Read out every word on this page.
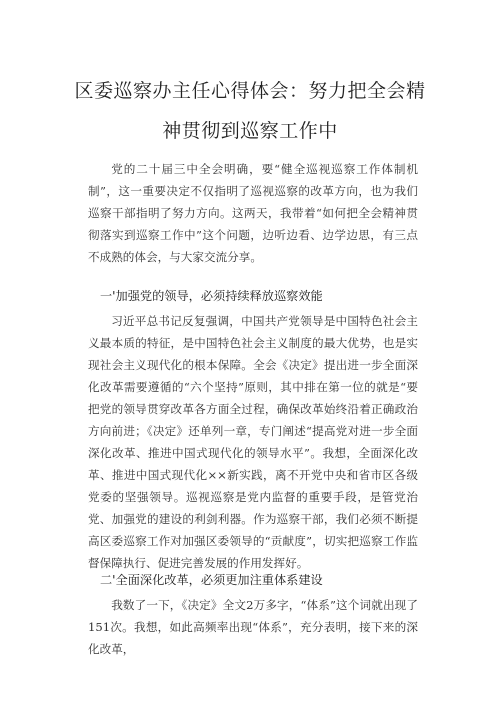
区委巡察办主任心得体会：努力把全会精
神贯彻到巡察工作中

党的二十届三中全会明确，要“健全巡视巡察工作体制机制”，这一重要决定不仅指明了巡视巡察的改革方向，也为我们巡察干部指明了努力方向。这两天，我带着“如何把全会精神贯彻落实到巡察工作中”这个问题，边听边看、边学边思，有三点不成熟的体会，与大家交流分享。

一'加强党的领导，必须持续释放巡察效能

习近平总书记反复强调，中国共产党领导是中国特色社会主义最本质的特征，是中国特色社会主义制度的最大优势，也是实现社会主义现代化的根本保障。全会《决定》提出进一步全面深化改革需要遵循的“六个坚持”原则，其中排在第一位的就是“要把党的领导贯穿改革各方面全过程，确保改革始终沿着正确政治方向前进；《决定》还单列一章，专门阐述“提高党对进一步全面深化改革、推进中国式现代化的领导水平”。我想，全面深化改革、推进中国式现代化××新实践，离不开党中央和省市区各级党委的坚强领导。巡视巡察是党内监督的重要手段，是管党治党、加强党的建设的利剑利器。作为巡察干部，我们必须不断提高区委巡察工作对加强区委领导的“贡献度”，切实把巡察工作监督保障执行、促进完善发展的作用发挥好。

二'全面深化改革，必须更加注重体系建设

我数了一下，《决定》全文2万多字，“体系”这个词就出现了151次。我想，如此高频率出现“体系”，充分表明，接下来的深化改革，
